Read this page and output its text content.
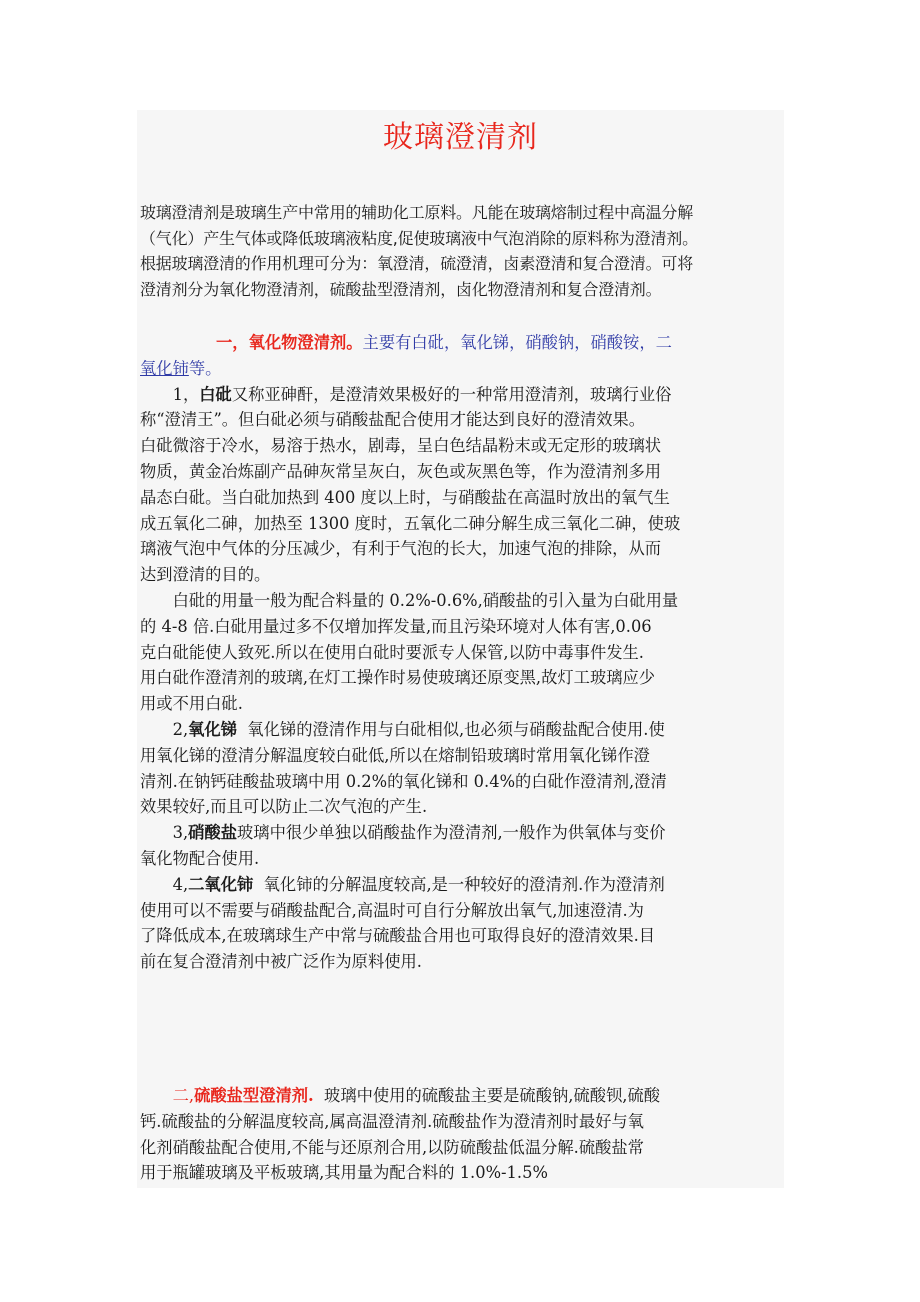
玻璃澄清剂
玻璃澄清剂是玻璃生产中常用的辅助化工原料。凡能在玻璃熔制过程中高温分解
（气化）产生气体或降低玻璃液粘度,促使玻璃液中气泡消除的原料称为澄清剂。
根据玻璃澄清的作用机理可分为：氧澄清，硫澄清，卤素澄清和复合澄清。可将
澄清剂分为氧化物澄清剂，硫酸盐型澄清剂，卤化物澄清剂和复合澄清剂。

一，氧化物澄清剂。主要有白砒，氧化锑，硝酸钠，硝酸铵，二
氧化铈等。

1，白砒又称亚砷酐，是澄清效果极好的一种常用澄清剂，玻璃行业俗
称“澄清王”。但白砒必须与硝酸盐配合使用才能达到良好的澄清效果。
白砒微溶于冷水，易溶于热水，剧毒，呈白色结晶粉末或无定形的玻璃状
物质，黄金冶炼副产品砷灰常呈灰白，灰色或灰黑色等，作为澄清剂多用
晶态白砒。当白砒加热到 400 度以上时，与硝酸盐在高温时放出的氧气生
成五氧化二砷，加热至 1300 度时，五氧化二砷分解生成三氧化二砷，使玻
璃液气泡中气体的分压减少，有利于气泡的长大，加速气泡的排除，从而
达到澄清的目的。

白砒的用量一般为配合料量的 0.2%-0.6%,硝酸盐的引入量为白砒用量
的 4-8 倍.白砒用量过多不仅增加挥发量,而且污染环境对人体有害,0.06
克白砒能使人致死.所以在使用白砒时要派专人保管,以防中毒事件发生.
用白砒作澄清剂的玻璃,在灯工操作时易使玻璃还原变黑,故灯工玻璃应少
用或不用白砒.

2,氧化锑  氧化锑的澄清作用与白砒相似,也必须与硝酸盐配合使用.使
用氧化锑的澄清分解温度较白砒低,所以在熔制铅玻璃时常用氧化锑作澄
清剂.在钠钙硅酸盐玻璃中用 0.2%的氧化锑和 0.4%的白砒作澄清剂,澄清
效果较好,而且可以防止二次气泡的产生.

3,硝酸盐玻璃中很少单独以硝酸盐作为澄清剂,一般作为供氧体与变价
氧化物配合使用.

4,二氧化铈  氧化铈的分解温度较高,是一种较好的澄清剂.作为澄清剂
使用可以不需要与硝酸盐配合,高温时可自行分解放出氧气,加速澄清.为
了降低成本,在玻璃球生产中常与硫酸盐合用也可取得良好的澄清效果.目
前在复合澄清剂中被广泛作为原料使用.

二,硫酸盐型澄清剂.  玻璃中使用的硫酸盐主要是硫酸钠,硫酸钡,硫酸
钙.硫酸盐的分解温度较高,属高温澄清剂.硫酸盐作为澄清剂时最好与氧
化剂硝酸盐配合使用,不能与还原剂合用,以防硫酸盐低温分解.硫酸盐常
用于瓶罐玻璃及平板玻璃,其用量为配合料的 1.0%-1.5%
